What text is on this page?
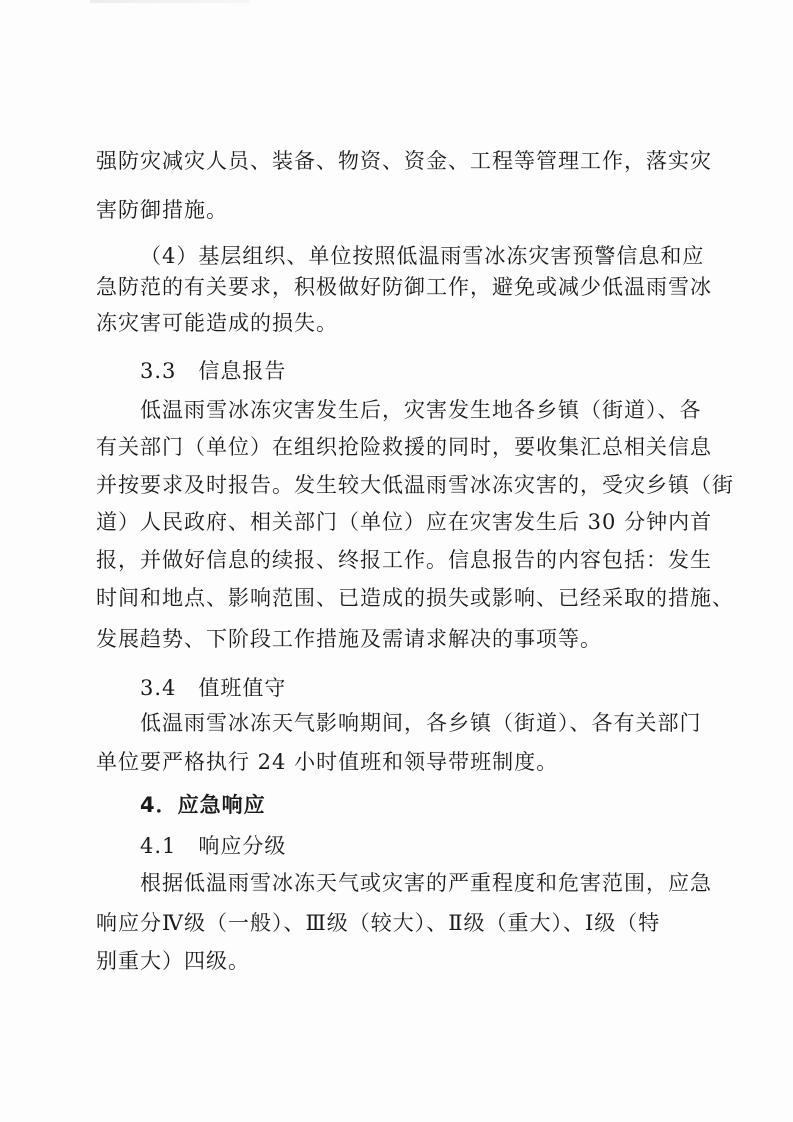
强防灾减灾人员、装备、物资、资金、工程等管理工作，落实灾
害防御措施。
（4）基层组织、单位按照低温雨雪冰冻灾害预警信息和应
急防范的有关要求，积极做好防御工作，避免或减少低温雨雪冰
冻灾害可能造成的损失。
3.3　信息报告
低温雨雪冰冻灾害发生后，灾害发生地各乡镇（街道）、各
有关部门（单位）在组织抢险救援的同时，要收集汇总相关信息
并按要求及时报告。发生较大低温雨雪冰冻灾害的，受灾乡镇（街
道）人民政府、相关部门（单位）应在灾害发生后 30 分钟内首
报，并做好信息的续报、终报工作。信息报告的内容包括：发生
时间和地点、影响范围、已造成的损失或影响、已经采取的措施、
发展趋势、下阶段工作措施及需请求解决的事项等。
3.4　值班值守
低温雨雪冰冻天气影响期间，各乡镇（街道）、各有关部门
单位要严格执行 24 小时值班和领导带班制度。
4．应急响应
4.1　响应分级
根据低温雨雪冰冻天气或灾害的严重程度和危害范围，应急
响应分Ⅳ级（一般）、Ⅲ级（较大）、Ⅱ级（重大）、Ⅰ级（特
别重大）四级。
